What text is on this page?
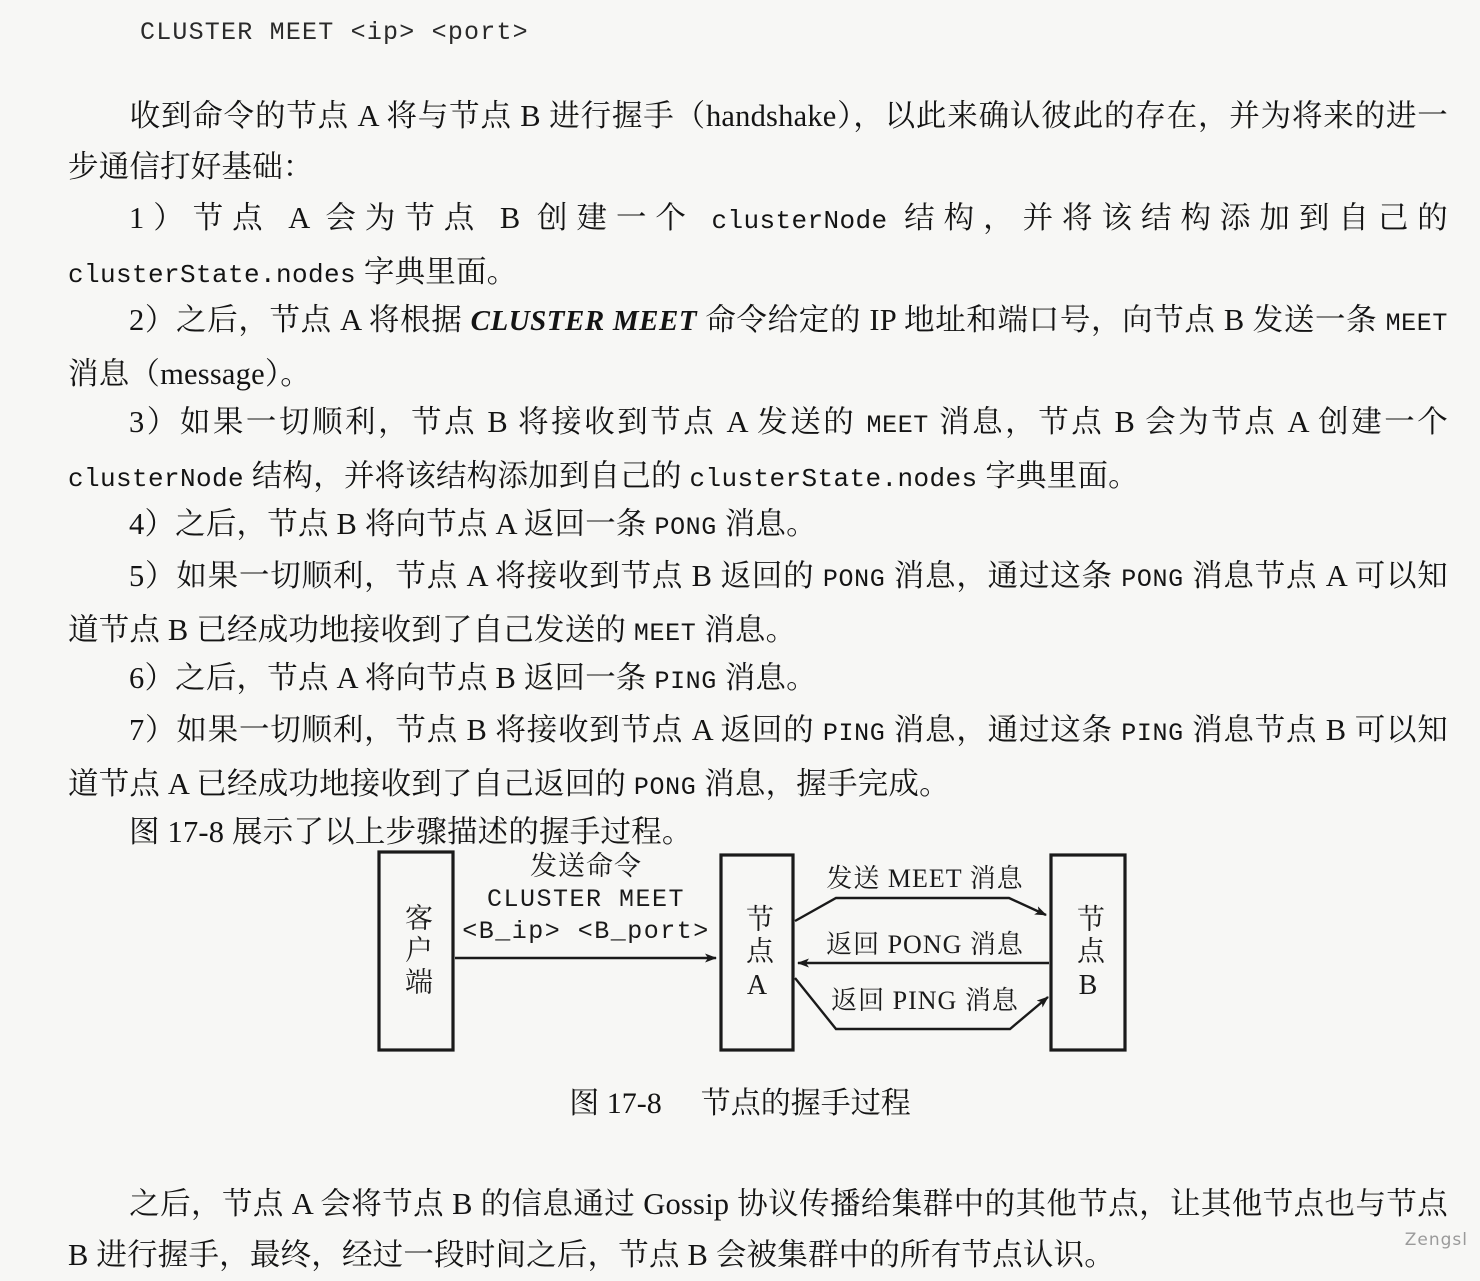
CLUSTER MEET <ip> <port>

收到命令的节点 A 将与节点 B 进行握手（handshake），以此来确认彼此的存在，并为将来的进一步通信打好基础：

1）节点 A 会为节点 B 创建一个 clusterNode 结构，并将该结构添加到自己的 clusterState.nodes 字典里面。

2）之后，节点 A 将根据 CLUSTER MEET 命令给定的 IP 地址和端口号，向节点 B 发送一条 MEET 消息（message）。

3）如果一切顺利，节点 B 将接收到节点 A 发送的 MEET 消息，节点 B 会为节点 A 创建一个 clusterNode 结构，并将该结构添加到自己的 clusterState.nodes 字典里面。

4）之后，节点 B 将向节点 A 返回一条 PONG 消息。

5）如果一切顺利，节点 A 将接收到节点 B 返回的 PONG 消息，通过这条 PONG 消息节点 A 可以知道节点 B 已经成功地接收到了自己发送的 MEET 消息。

6）之后，节点 A 将向节点 B 返回一条 PING 消息。

7）如果一切顺利，节点 B 将接收到节点 A 返回的 PING 消息，通过这条 PING 消息节点 B 可以知道节点 A 已经成功地接收到了自己返回的 PONG 消息，握手完成。

图 17-8 展示了以上步骤描述的握手过程。

客户端	节点
A
节点
B
发送命令
CLUSTER MEET
<B_ip> <B_port>
发送 MEET 消息
返回 PONG 消息
返回 PING 消息
图 17-8 节点的握手过程

之后，节点 A 会将节点 B 的信息通过 Gossip 协议传播给集群中的其他节点，让其他节点也与节点 B 进行握手，最终，经过一段时间之后，节点 B 会被集群中的所有节点认识。	Zengsl
